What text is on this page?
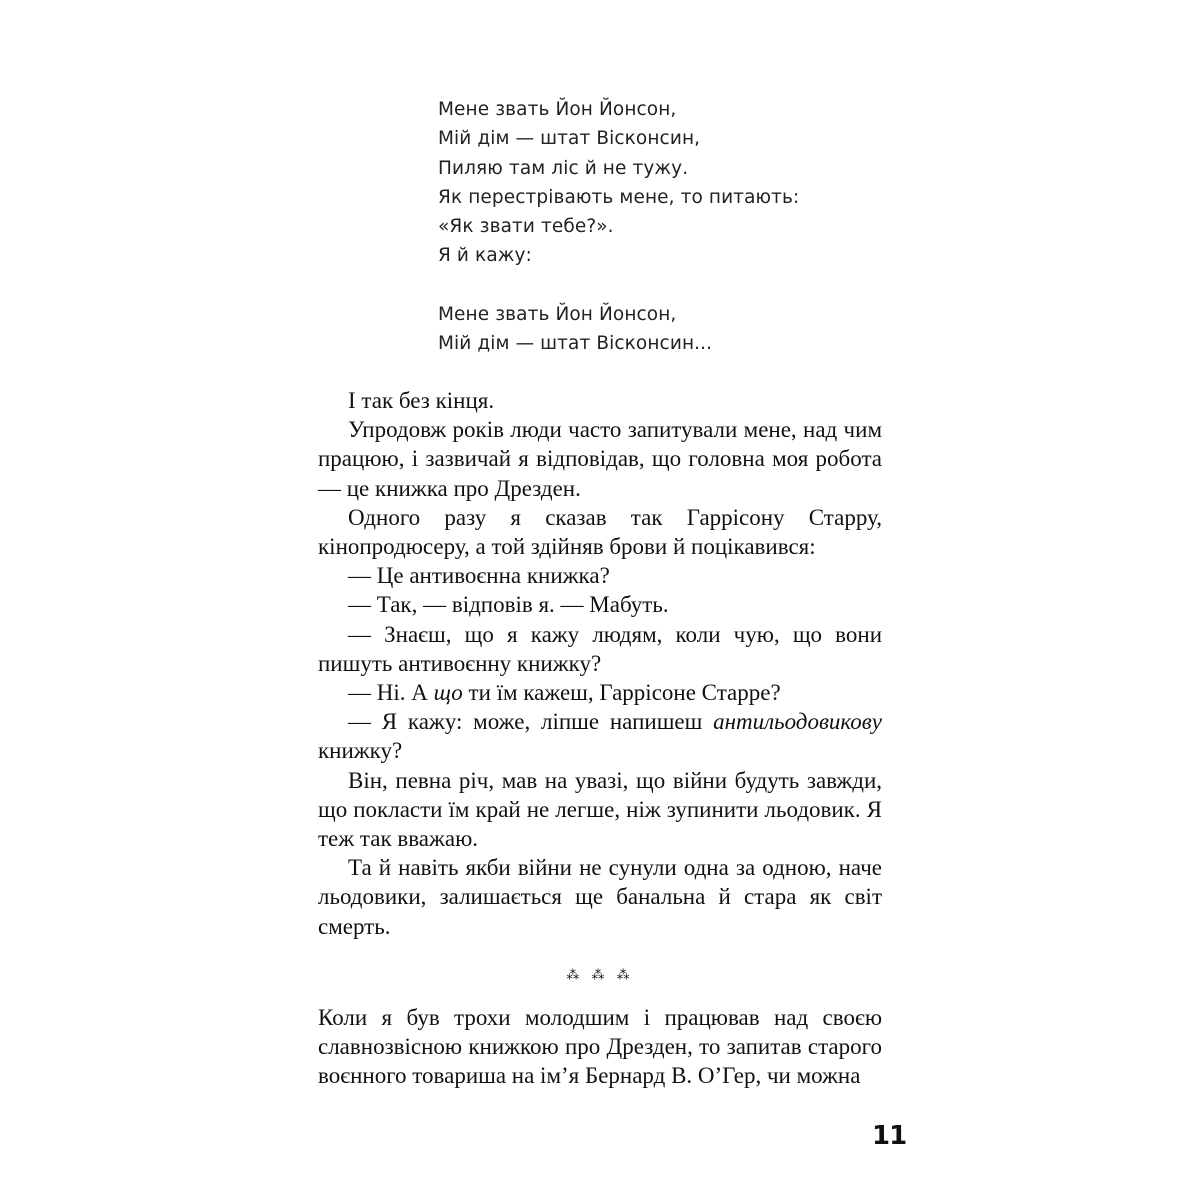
Мене звать Йон Йонсон,
Мій дім — штат Вісконсин,
Пиляю там ліс й не тужу.
Як перестрівають мене, то питають:
«Як звати тебе?».
Я й кажу:
Мене звать Йон Йонсон,
Мій дім — штат Вісконсин...

І так без кінця.

Упродовж років люди часто запитували мене, над чим працюю, і зазвичай я відповідав, що головна моя робота — це книжка про Дрезден.

Одного разу я сказав так Гаррісону Старру, кінопродюсеру, а той здійняв брови й поцікавився:

— Це антивоєнна книжка?

— Так, — відповів я. — Мабуть.

— Знаєш, що я кажу людям, коли чую, що вони пишуть антивоєнну книжку?

— Ні. А що ти їм кажеш, Гаррісоне Старре?

— Я кажу: може, ліпше напишеш антильодовикову книжку?

Він, певна річ, мав на увазі, що війни будуть завжди, що покласти їм край не легше, ніж зупинити льодовик. Я теж так вважаю.

Та й навіть якби війни не сунули одна за одною, наче льодовики, залишається ще банальна й стара як світ смерть.

⁂ ⁂ ⁂

Коли я був трохи молодшим і працював над своєю славнозвісною книжкою про Дрезден, то запитав старого воєнного товариша на ім’я Бернард В. О’Гер, чи можна

11
